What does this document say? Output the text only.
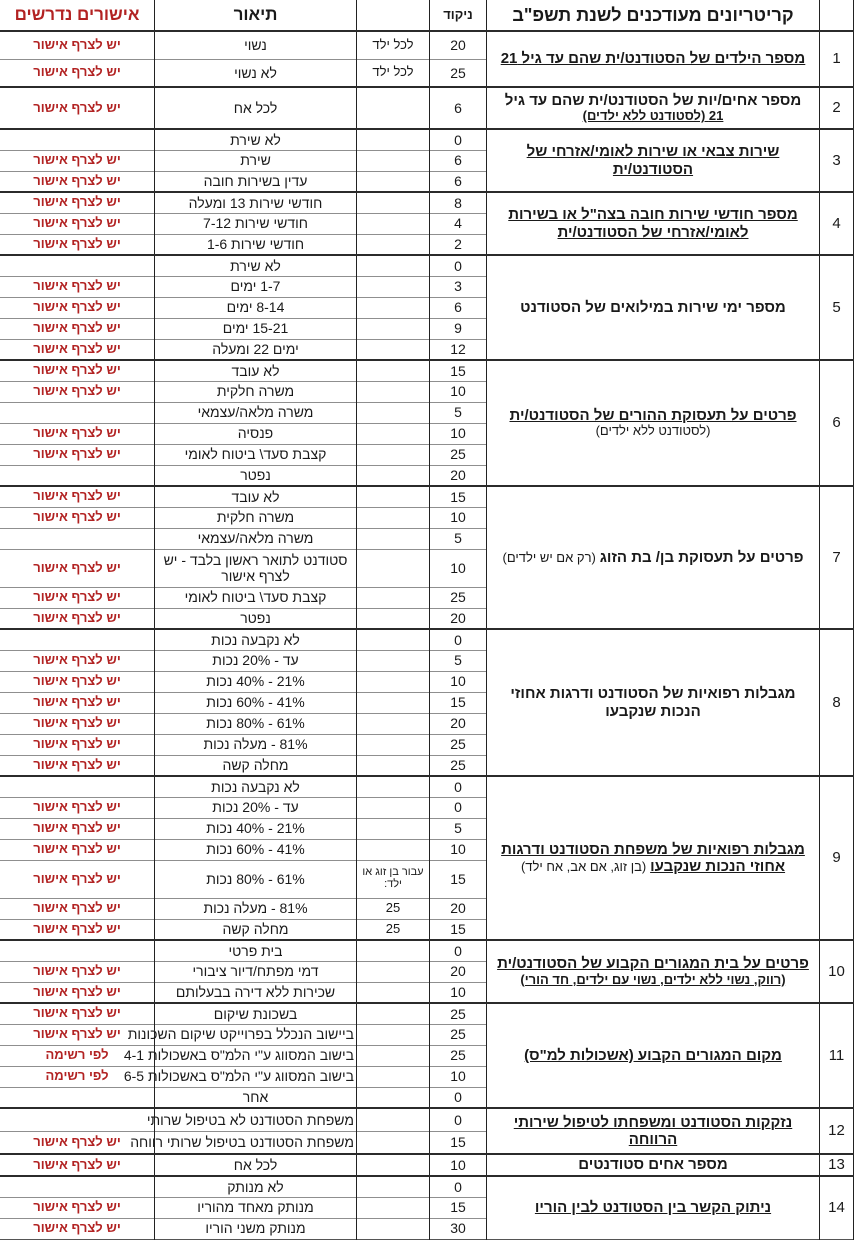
	קריטריונים מעודכנים לשנת תשפ"ב	ניקוד		תיאור	אישורים נדרשים
1	מספר הילדים של הסטודנט/ית שהם עד גיל 21	20	לכל ילד	נשוי	יש לצרף אישור
		25	לכל ילד	לא נשוי	יש לצרף אישור
2	מספר אחים/יות של הסטודנט/ית שהם עד גיל
21 (לסטודנט ללא ילדים)	6		לכל אח	יש לצרף אישור
3	שירות צבאי או שירות לאומי/אזרחי של הסטודנט/ית	0		לא שירת	
		6		שירת	יש לצרף אישור
		6		עדין בשירות חובה	יש לצרף אישור
4	מספר חודשי שירות חובה בצה"ל או בשירות לאומי/אזרחי של הסטודנט/ית	8		חודשי שירות 13 ומעלה	יש לצרף אישור
		4		חודשי שירות 7-12	יש לצרף אישור
		2		חודשי שירות 1-6	יש לצרף אישור
5	מספר ימי שירות במילואים של הסטודנט	0		לא שירת	
		3		1-7 ימים	יש לצרף אישור
		6		8-14 ימים	יש לצרף אישור
		9		15-21 ימים	יש לצרף אישור
		12		ימים 22 ומעלה	יש לצרף אישור
6	פרטים על תעסוקת ההורים של הסטודנט/ית
(לסטודנט ללא ילדים)	15		לא עובד	יש לצרף אישור
		10		משרה חלקית	יש לצרף אישור
		5		משרה מלאה/עצמאי	
		10		פנסיה	יש לצרף אישור
		25		קצבת סעד\ ביטוח לאומי	יש לצרף אישור
		20		נפטר	
7	פרטים על תעסוקת בן/ בת הזוג (רק אם יש ילדים)	15		לא עובד	יש לצרף אישור
		10		משרה חלקית	יש לצרף אישור
		5		משרה מלאה/עצמאי	
		10		סטודנט לתואר ראשון בלבד - יש לצרף אישור	יש לצרף אישור
		25		קצבת סעד\ ביטוח לאומי	יש לצרף אישור
		20		נפטר	יש לצרף אישור
8	מגבלות רפואיות של הסטודנט ודרגות אחוזי הנכות שנקבעו	0		לא נקבעה נכות	
		5		עד - 20% נכות	יש לצרף אישור
		10		21% - 40% נכות	יש לצרף אישור
		15		41% - 60% נכות	יש לצרף אישור
		20		61% - 80% נכות	יש לצרף אישור
		25		81% - מעלה נכות	יש לצרף אישור
		25		מחלה קשה	יש לצרף אישור
9	מגבלות רפואיות של משפחת הסטודנט ודרגות אחוזי הנכות שנקבעו (בן זוג, אם אב, אח ילד)	0		לא נקבעה נכות	
		0		עד - 20% נכות	יש לצרף אישור
		5		21% - 40% נכות	יש לצרף אישור
		10		41% - 60% נכות	יש לצרף אישור
		15	עבור בן זוג או ילד:	61% - 80% נכות	יש לצרף אישור
		20	25	81% - מעלה נכות	יש לצרף אישור
		15	25	מחלה קשה	יש לצרף אישור
10	פרטים על בית המגורים הקבוע של הסטודנט/ית
(רווק, נשוי ללא ילדים, נשוי עם ילדים, חד הורי)	0		בית פרטי	
		20		דמי מפתח/דיור ציבורי	יש לצרף אישור
		10		שכירות ללא דירה בבעלותם	יש לצרף אישור
11	מקום המגורים הקבוע (אשכולות למ"ס)	25		בשכונת שיקום	יש לצרף אישור
		25		ביישוב הנכלל בפרוייקט שיקום השכונות	יש לצרף אישור
		25		בישוב המסווג ע"י הלמ"ס באשכולות 4-1	לפי רשימה
		10		בישוב המסווג ע"י הלמ"ס באשכולות 6-5	לפי רשימה
		0		אחר	
12	נזקקות הסטודנט ומשפחתו לטיפול שירותי הרווחה	0		משפחת הסטודנט לא בטיפול שרותי	
		15		משפחת הסטודנט בטיפול שרותי רווחה	יש לצרף אישור
13	מספר אחים סטודנטים	10		לכל אח	יש לצרף אישור
14	ניתוק הקשר בין הסטודנט לבין הוריו	0		לא מנותק	
		15		מנותק מאחד מהוריו	יש לצרף אישור
		30		מנותק משני הוריו	יש לצרף אישור
